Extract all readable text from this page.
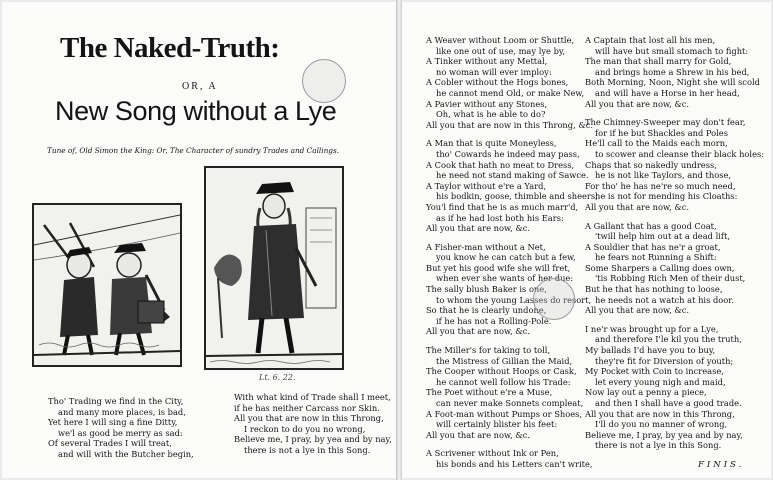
The Naked-Truth:
OR, A
New Song without a Lye
Tune of, Old Simon the King: Or, The Character of sundry Trades and Callings.
Lt. 6. 22.
Tho' Trading we find in the City,
and many more places, is bad,
Yet here I will sing a fine Ditty,
we'l as good be merry as sad:
Of several Trades I will treat,
and will with the Butcher begin,
With what kind of Trade shall I meet,
if he has neither Carcass nor Skin.
All you that are now in this Throng,
I reckon to do you no wrong,
Believe me, I pray, by yea and by nay,
there is not a lye in this Song.
A Weaver without Loom or Shuttle,
like one out of use, may lye by,
A Tinker without any Mettal,
no woman will ever imploy:
A Cobler without the Hogs bones,
he cannot mend Old, or make New,
A Pavier without any Stones,
Oh, what is he able to do?
All you that are now in this Throng, &c.
A Man that is quite Moneyless,
tho' Cowards he indeed may pass,
A Cook that hath no meat to Dress,
he need not stand making of Sawce.
A Taylor without e're a Yard,
his bodkin, goose, thimble and sheers,
You'l find that he is as much marr'd,
as if he had lost both his Ears:
All you that are now, &c.
A Fisher-man without a Net,
you know he can catch but a few,
But yet his good wife she will fret,
when ever she wants of her due:
The sally blush Baker is one,
to whom the young Lasses do resort,
So that he is clearly undone,
if he has not a Rolling-Pole.
All you that are now, &c.
The Miller's for taking to toll,
the Mistress of Gillian the Maid,
The Cooper without Hoops or Cask,
he cannot well follow his Trade:
The Poet without e're a Muse,
can never make Sonnets compleat,
A Foot-man without Pumps or Shoes,
will certainly blister his feet:
All you that are now, &c.
A Scrivener without Ink or Pen,
his bonds and his Letters can't write,
A Captain that lost all his men,
will have but small stomach to fight:
The man that shall marry for Gold,
and brings home a Shrew in his bed,
Both Morning, Noon, Night she will scold
and will have a Horse in her head,
All you that are now, &c.
The Chimney-Sweeper may don't fear,
for if he but Shackles and Poles
He'll call to the Maids each morn,
to scower and cleanse their black holes:
Chaps that so nakedly undress,
he is not like Taylors, and those,
For tho' he has ne're so much need,
he is not for mending his Cloaths:
All you that are now, &c.
A Gallant that has a good Coat,
'twill help him out at a dead lift,
A Souldier that has ne'r a groat,
he fears not Running a Shift:
Some Sharpers a Calling does own,
'tis Robbing Rich Men of their dust,
But he that has nothing to loose,
he needs not a watch at his door.
All you that are now, &c.
I ne'r was brought up for a Lye,
and therefore I'le kil you the truth,
My ballads I'd have you to buy,
they're fit for Diversion of youth;
My Pocket with Coin to increase,
let every young nigh and maid,
Now lay out a penny a piece,
and then I shall have a good trade.
All you that are now in this Throng,
I'll do you no manner of wrong,
Believe me, I pray, by yea and by nay,
there is not a lye in this Song.
FINIS.
